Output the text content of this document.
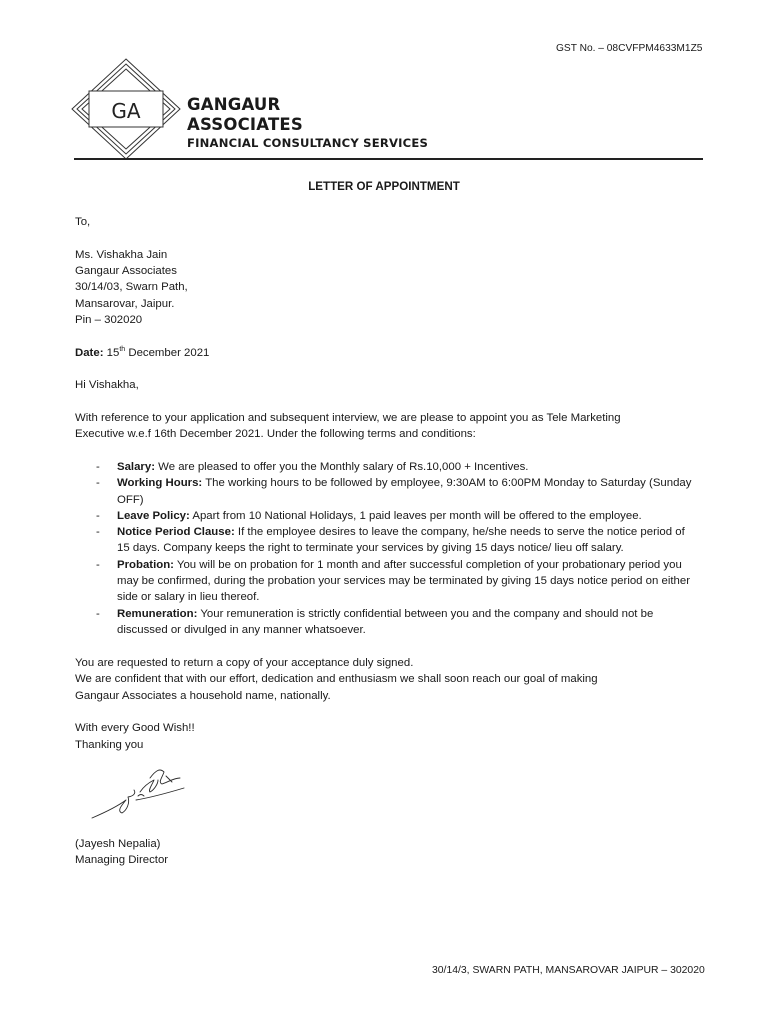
GST No. – 08CVFPM4633M1Z5
GA	GANGAUR
ASSOCIATES
FINANCIAL CONSULTANCY SERVICES
LETTER OF APPOINTMENT
To,
Ms. Vishakha Jain
Gangaur Associates
30/14/03, Swarn Path,
Mansarovar, Jaipur.
Pin – 302020
Date: 15th December 2021
Hi Vishakha,
With reference to your application and subsequent interview, we are please to appoint you as Tele Marketing
Executive w.e.f 16th December 2021. Under the following terms and conditions:
- Salary: We are pleased to offer you the Monthly salary of Rs.10,000 + Incentives.
- Working Hours: The working hours to be followed by employee, 9:30AM to 6:00PM Monday to Saturday (Sunday OFF)
- Leave Policy: Apart from 10 National Holidays, 1 paid leaves per month will be offered to the employee.
- Notice Period Clause: If the employee desires to leave the company, he/she needs to serve the notice period of 15 days. Company keeps the right to terminate your services by giving 15 days notice/ lieu off salary.
- Probation: You will be on probation for 1 month and after successful completion of your probationary period you may be confirmed, during the probation your services may be terminated by giving 15 days notice period on either side or salary in lieu thereof.
- Remuneration: Your remuneration is strictly confidential between you and the company and should not be discussed or divulged in any manner whatsoever.
You are requested to return a copy of your acceptance duly signed.
We are confident that with our effort, dedication and enthusiasm we shall soon reach our goal of making
Gangaur Associates a household name, nationally.
With every Good Wish!!
Thanking you
(Jayesh Nepalia)
Managing Director
30/14/3, SWARN PATH, MANSAROVAR JAIPUR – 302020
